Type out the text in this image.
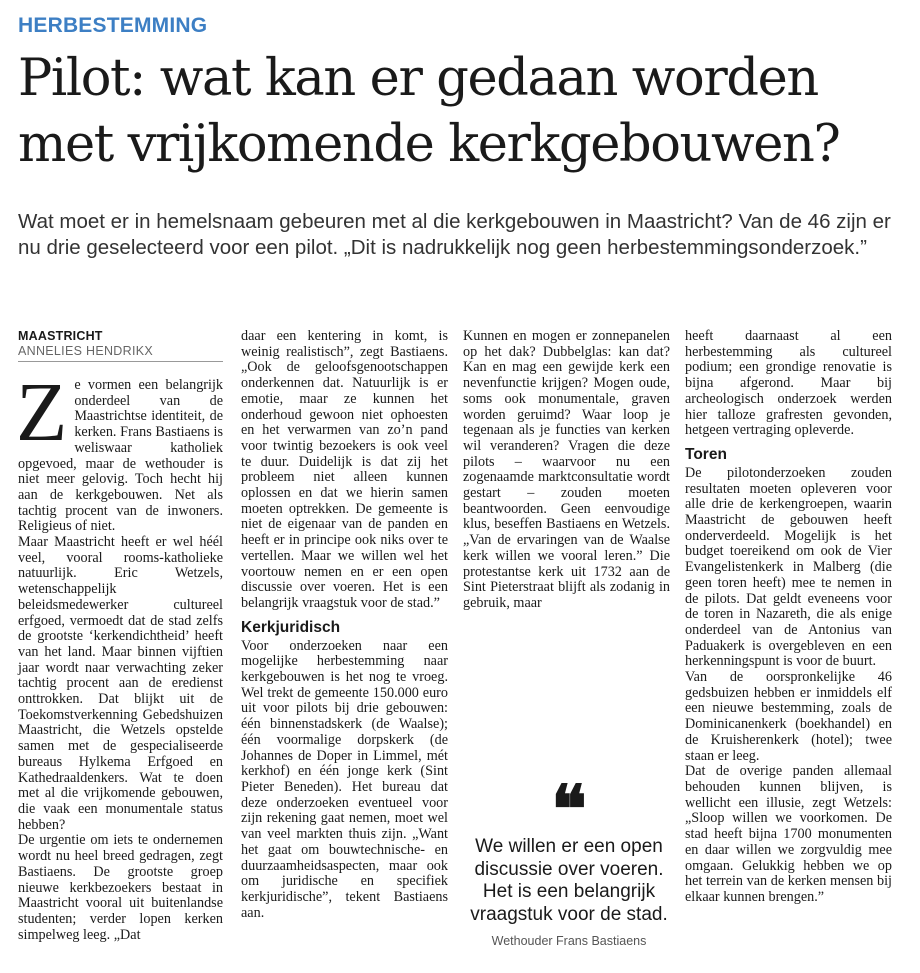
HERBESTEMMING
Pilot: wat kan er gedaan worden met vrijkomende kerkgebouwen?

Wat moet er in hemelsnaam gebeuren met al die kerkgebouwen in Maastricht? Van de 46 zijn er nu drie geselecteerd voor een pilot. „Dit is nadrukkelijk nog geen herbestemmingsonderzoek.”

MAASTRICHT
ANNELIES HENDRIKX

Ze vormen een belangrijk onderdeel van de Maastrichtse identiteit, de kerken. Frans Bastiaens is weliswaar katholiek opgevoed, maar de wethouder is niet meer gelovig. Toch hecht hij aan de kerkgebouwen. Net als tachtig procent van de inwoners. Religieus of niet.

Maar Maastricht heeft er wel héél veel, vooral rooms-katholieke natuurlijk. Eric Wetzels, wetenschappelijk beleidsmedewerker cultureel erfgoed, vermoedt dat de stad zelfs de grootste ‘kerkendichtheid’ heeft van het land. Maar binnen vijftien jaar wordt naar verwachting zeker tachtig procent aan de eredienst onttrokken. Dat blijkt uit de Toekomstverkenning Gebedshuizen Maastricht, die Wetzels opstelde samen met de gespecialiseerde bureaus Hylkema Erfgoed en Kathedraaldenkers. Wat te doen met al die vrijkomende gebouwen, die vaak een monumentale status hebben?

De urgentie om iets te ondernemen wordt nu heel breed gedragen, zegt Bastiaens. De grootste groep nieuwe kerkbezoekers bestaat in Maastricht vooral uit buitenlandse studenten; verder lopen kerken simpelweg leeg. „Dat

daar een kentering in komt, is weinig realistisch”, zegt Bastiaens. „Ook de geloofsgenootschappen onderkennen dat. Natuurlijk is er emotie, maar ze kunnen het onderhoud gewoon niet ophoesten en het verwarmen van zo’n pand voor twintig bezoekers is ook veel te duur. Duidelijk is dat zij het probleem niet alleen kunnen oplossen en dat we hierin samen moeten optrekken. De gemeente is niet de eigenaar van de panden en heeft er in principe ook niks over te vertellen. Maar we willen wel het voortouw nemen en er een open discussie over voeren. Het is een belangrijk vraagstuk voor de stad.”

Kerkjuridisch

Voor onderzoeken naar een mogelijke herbestemming naar kerkgebouwen is het nog te vroeg. Wel trekt de gemeente 150.000 euro uit voor pilots bij drie gebouwen: één binnenstadskerk (de Waalse); één voormalige dorpskerk (de Johannes de Doper in Limmel, mét kerkhof) en één jonge kerk (Sint Pieter Beneden). Het bureau dat deze onderzoeken eventueel voor zijn rekening gaat nemen, moet wel van veel markten thuis zijn. „Want het gaat om bouwtechnische- en duurzaamheidsaspecten, maar ook om juridische en specifiek kerkjuridische”, tekent Bastiaens aan.

Kunnen en mogen er zonnepanelen op het dak? Dubbelglas: kan dat? Kan en mag een gewijde kerk een nevenfunctie krijgen? Mogen oude, soms ook monumentale, graven worden geruimd? Waar loop je tegenaan als je functies van kerken wil veranderen? Vragen die deze pilots – waarvoor nu een zogenaamde marktconsultatie wordt gestart – zouden moeten beantwoorden. Geen eenvoudige klus, beseffen Bastiaens en Wetzels. „Van de ervaringen van de Waalse kerk willen we vooral leren.” Die protestantse kerk uit 1732 aan de Sint Pieterstraat blijft als zodanig in gebruik, maar

❝

We willen er een open discussie over voeren. Het is een belangrijk vraagstuk voor de stad.

Wethouder Frans Bastiaens

heeft daarnaast al een herbestemming als cultureel podium; een grondige renovatie is bijna afgerond. Maar bij archeologisch onderzoek werden hier talloze grafresten gevonden, hetgeen vertraging opleverde.

Toren

De pilotonderzoeken zouden resultaten moeten opleveren voor alle drie de kerkengroepen, waarin Maastricht de gebouwen heeft onderverdeeld. Mogelijk is het budget toereikend om ook de Vier Evangelistenkerk in Malberg (die geen toren heeft) mee te nemen in de pilots. Dat geldt eveneens voor de toren in Nazareth, die als enige onderdeel van de Antonius van Paduakerk is overgebleven en een herkenningspunt is voor de buurt.

Van de oorspronkelijke 46 gedsbuizen hebben er inmiddels elf een nieuwe bestemming, zoals de Dominicanenkerk (boekhandel) en de Kruisherenkerk (hotel); twee staan er leeg.

Dat de overige panden allemaal behouden kunnen blijven, is wellicht een illusie, zegt Wetzels: „Sloop willen we voorkomen. De stad heeft bijna 1700 monumenten en daar willen we zorgvuldig mee omgaan. Gelukkig hebben we op het terrein van de kerken mensen bij elkaar kunnen brengen.”
